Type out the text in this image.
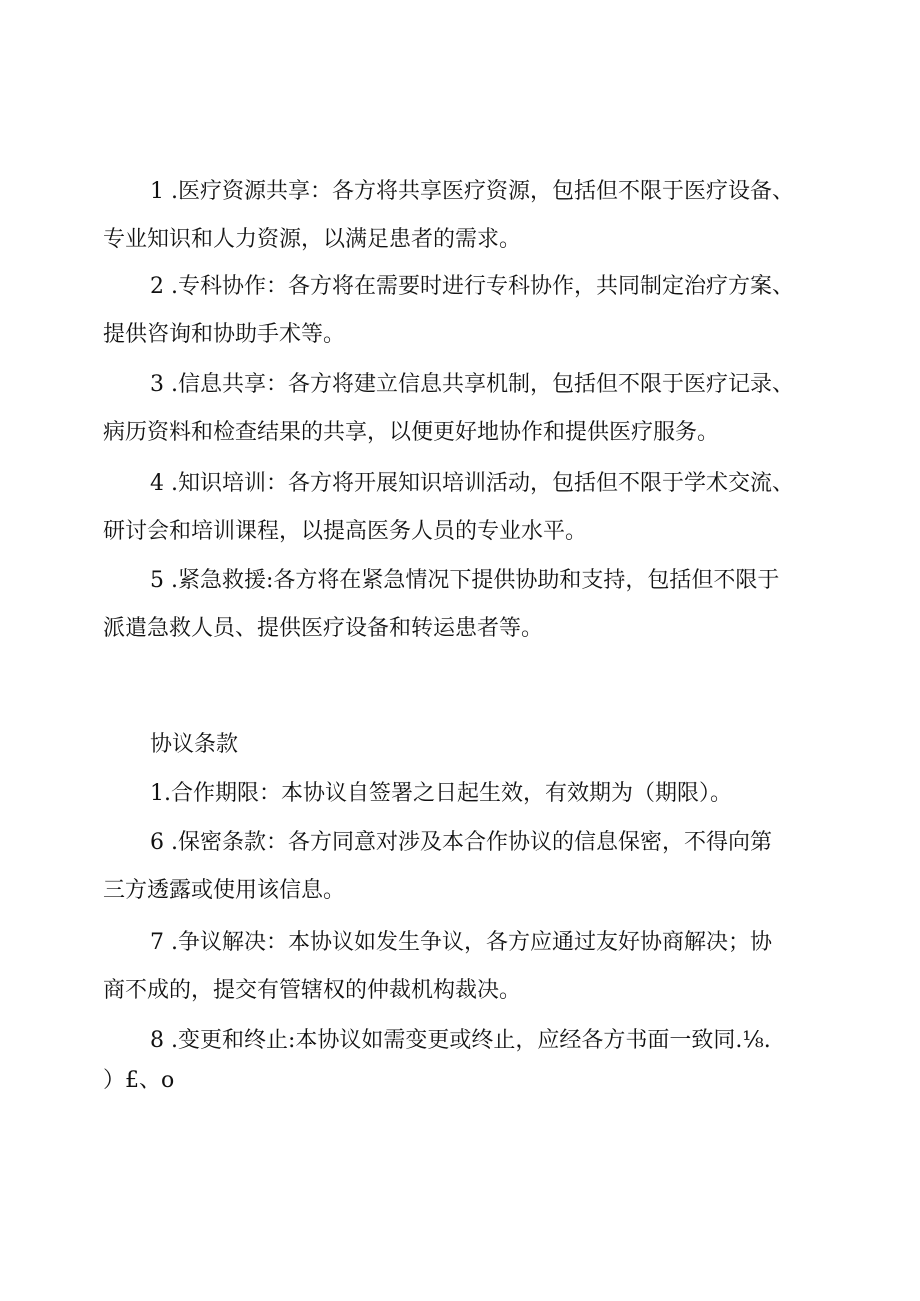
1 .医疗资源共享：各方将共享医疗资源，包括但不限于医疗设备、
专业知识和人力资源，以满足患者的需求。
2 .专科协作：各方将在需要时进行专科协作，共同制定治疗方案、
提供咨询和协助手术等。
3 .信息共享：各方将建立信息共享机制，包括但不限于医疗记录、
病历资料和检查结果的共享，以便更好地协作和提供医疗服务。
4 .知识培训：各方将开展知识培训活动，包括但不限于学术交流、
研讨会和培训课程，以提高医务人员的专业水平。
5 .紧急救援:各方将在紧急情况下提供协助和支持，包括但不限于
派遣急救人员、提供医疗设备和转运患者等。
协议条款
1.合作期限：本协议自签署之日起生效，有效期为（期限）。
6 .保密条款：各方同意对涉及本合作协议的信息保密，不得向第
三方透露或使用该信息。
7 .争议解决：本协议如发生争议，各方应通过友好协商解决；协
商不成的，提交有管辖权的仲裁机构裁决。
8 .变更和终止:本协议如需变更或终止，应经各方书面一致同.⅛.
）£、o
